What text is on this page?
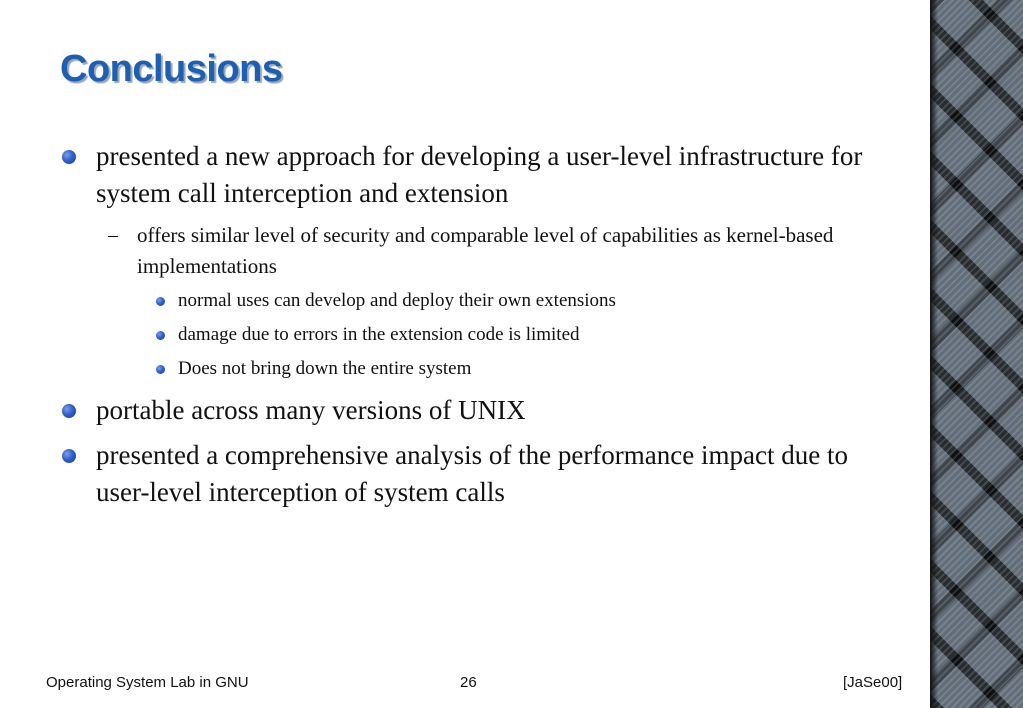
Conclusions
presented a new approach for developing a user-level infrastructure for system call interception and extension
– offers similar level of security and comparable level of capabilities as kernel-based implementations
normal uses can develop and deploy their own extensions
damage due to errors in the extension code is limited
Does not bring down the entire system
portable across many versions of UNIX
presented a comprehensive analysis of the performance impact due to user-level interception of system calls
Operating System Lab in GNU	26	[JaSe00]
